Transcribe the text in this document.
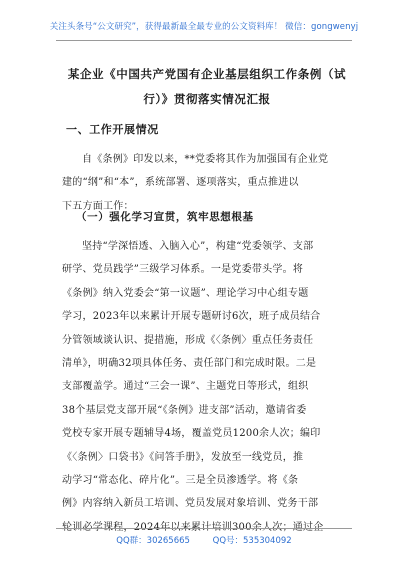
关注头条号“公文研究”，获得最新最全最专业的公文资料库！ 微信：gongwenyj
某企业《中国共产党国有企业基层组织工作条例（试
行）》贯彻落实情况汇报
一、工作开展情况
自《条例》印发以来，**党委将其作为加强国有企业党
建的“纲”和“本”，系统部署、逐项落实，重点推进以
下五方面工作：
（一）强化学习宣贯，筑牢思想根基
坚持“学深悟透、入脑入心”，构建“党委领学、支部
研学、党员践学”三级学习体系。一是党委带头学。将
《条例》纳入党委会“第一议题”、理论学习中心组专题
学习，2023年以来累计开展专题研讨6次，班子成员结合
分管领域谈认识、提措施，形成《〈条例〉重点任务责任
清单》，明确32项具体任务、责任部门和完成时限。二是
支部覆盖学。通过“三会一课”、主题党日等形式，组织
38个基层党支部开展“《条例》进支部”活动，邀请省委
党校专家开展专题辅导4场，覆盖党员1200余人次；编印
《〈条例〉口袋书》《问答手册》，发放至一线党员，推
动学习“常态化、碎片化”。三是全员渗透学。将《条
例》内容纳入新员工培训、党员发展对象培训、党务干部
轮训必学课程，2024年以来累计培训300余人次；通过企
QQ群：30265665	QQ号：535304092
